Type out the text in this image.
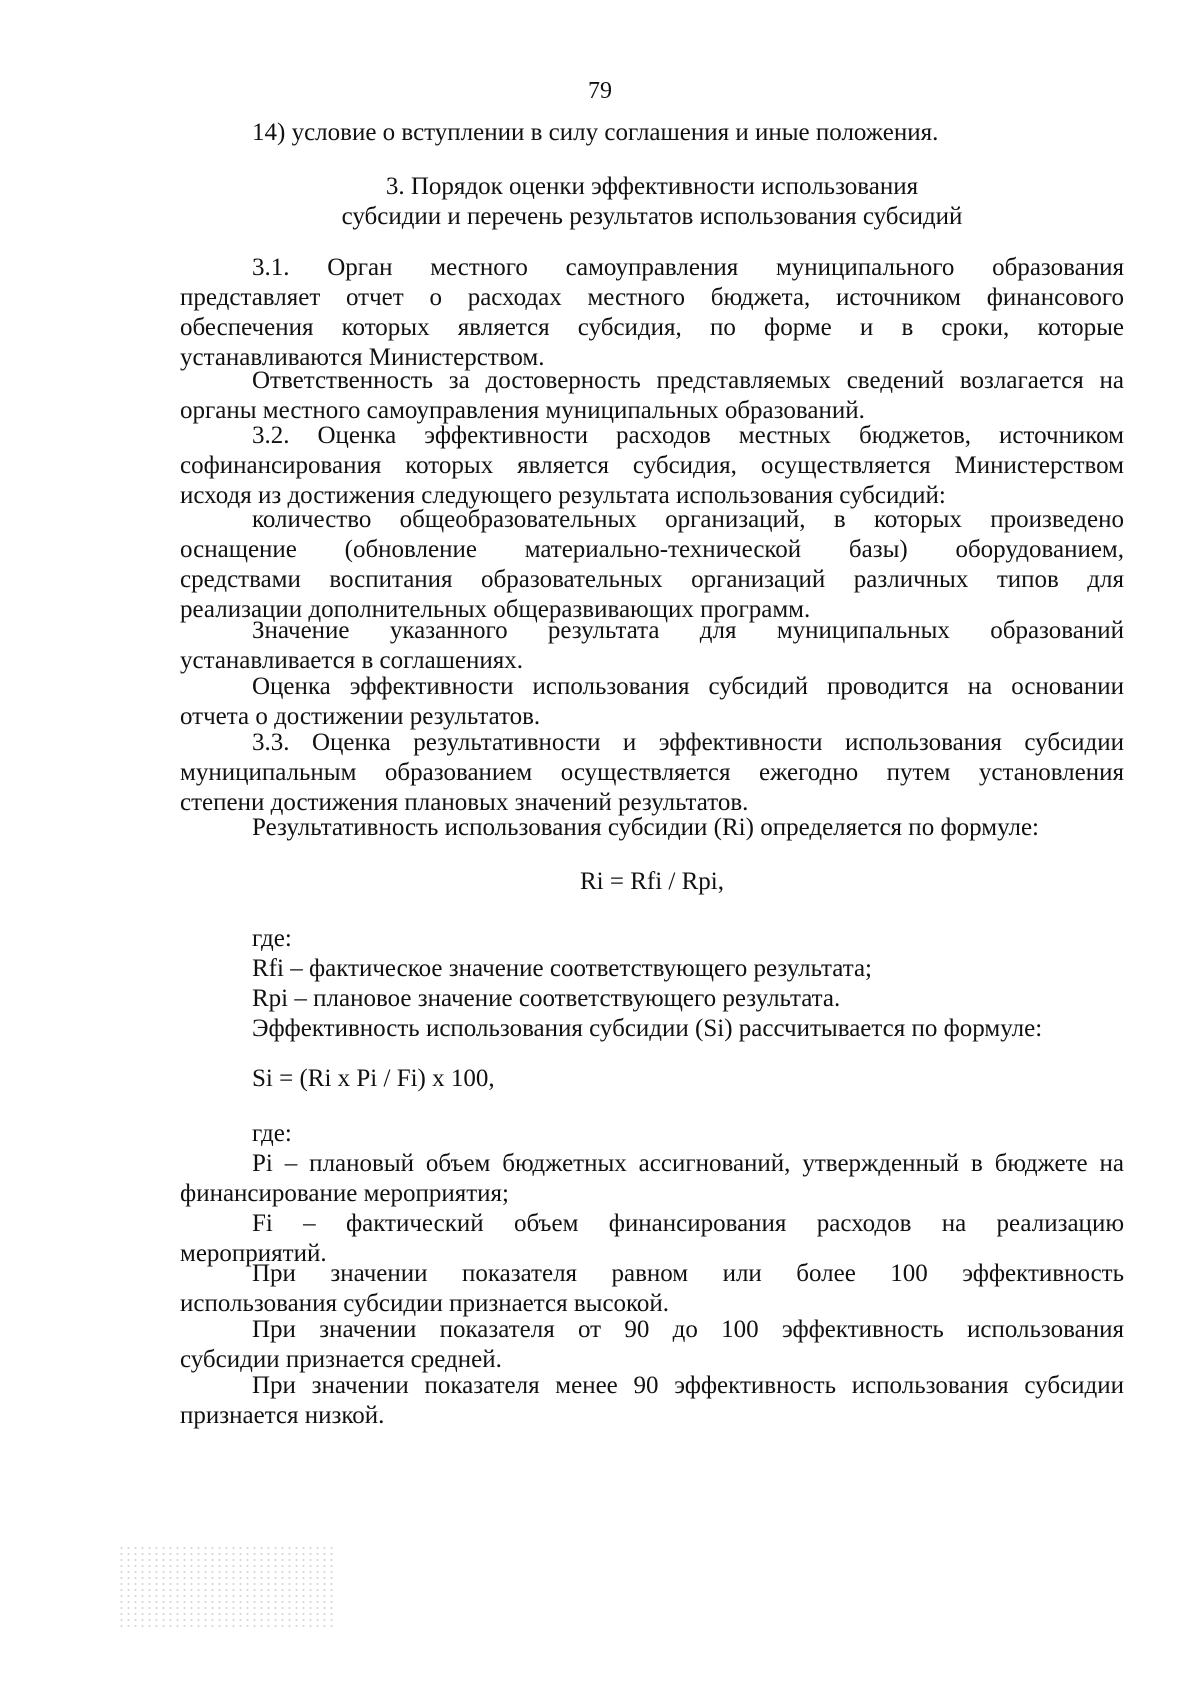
79
14) условие о вступлении в силу соглашения и иные положения.
3. Порядок оценки эффективности использования
субсидии и перечень результатов использования субсидий
3.1. Орган местного самоуправления муниципального образования
представляет отчет о расходах местного бюджета, источником финансового
обеспечения которых является субсидия, по форме и в сроки, которые
устанавливаются Министерством.
Ответственность за достоверность представляемых сведений возлагается на
органы местного самоуправления муниципальных образований.
3.2. Оценка эффективности расходов местных бюджетов, источником
софинансирования которых является субсидия, осуществляется Министерством
исходя из достижения следующего результата использования субсидий:
количество общеобразовательных организаций, в которых произведено
оснащение (обновление материально-технической базы) оборудованием,
средствами воспитания образовательных организаций различных типов для
реализации дополнительных общеразвивающих программ.
Значение указанного результата для муниципальных образований
устанавливается в соглашениях.
Оценка эффективности использования субсидий проводится на основании
отчета о достижении результатов.
3.3. Оценка результативности и эффективности использования субсидии
муниципальным образованием осуществляется ежегодно путем установления
степени достижения плановых значений результатов.
Результативность использования субсидии (Ri) определяется по формуле:
Ri = Rfi / Rpi,
где:
Rfi – фактическое значение соответствующего результата;
Rpi – плановое значение соответствующего результата.
Эффективность использования субсидии (Si) рассчитывается по формуле:
Si = (Ri x Pi / Fi) x 100,
где:
Pi – плановый объем бюджетных ассигнований, утвержденный в бюджете на
финансирование мероприятия;
Fi – фактический объем финансирования расходов на реализацию
мероприятий.
При значении показателя равном или более 100 эффективность
использования субсидии признается высокой.
При значении показателя от 90 до 100 эффективность использования
субсидии признается средней.
При значении показателя менее 90 эффективность использования субсидии
признается низкой.
